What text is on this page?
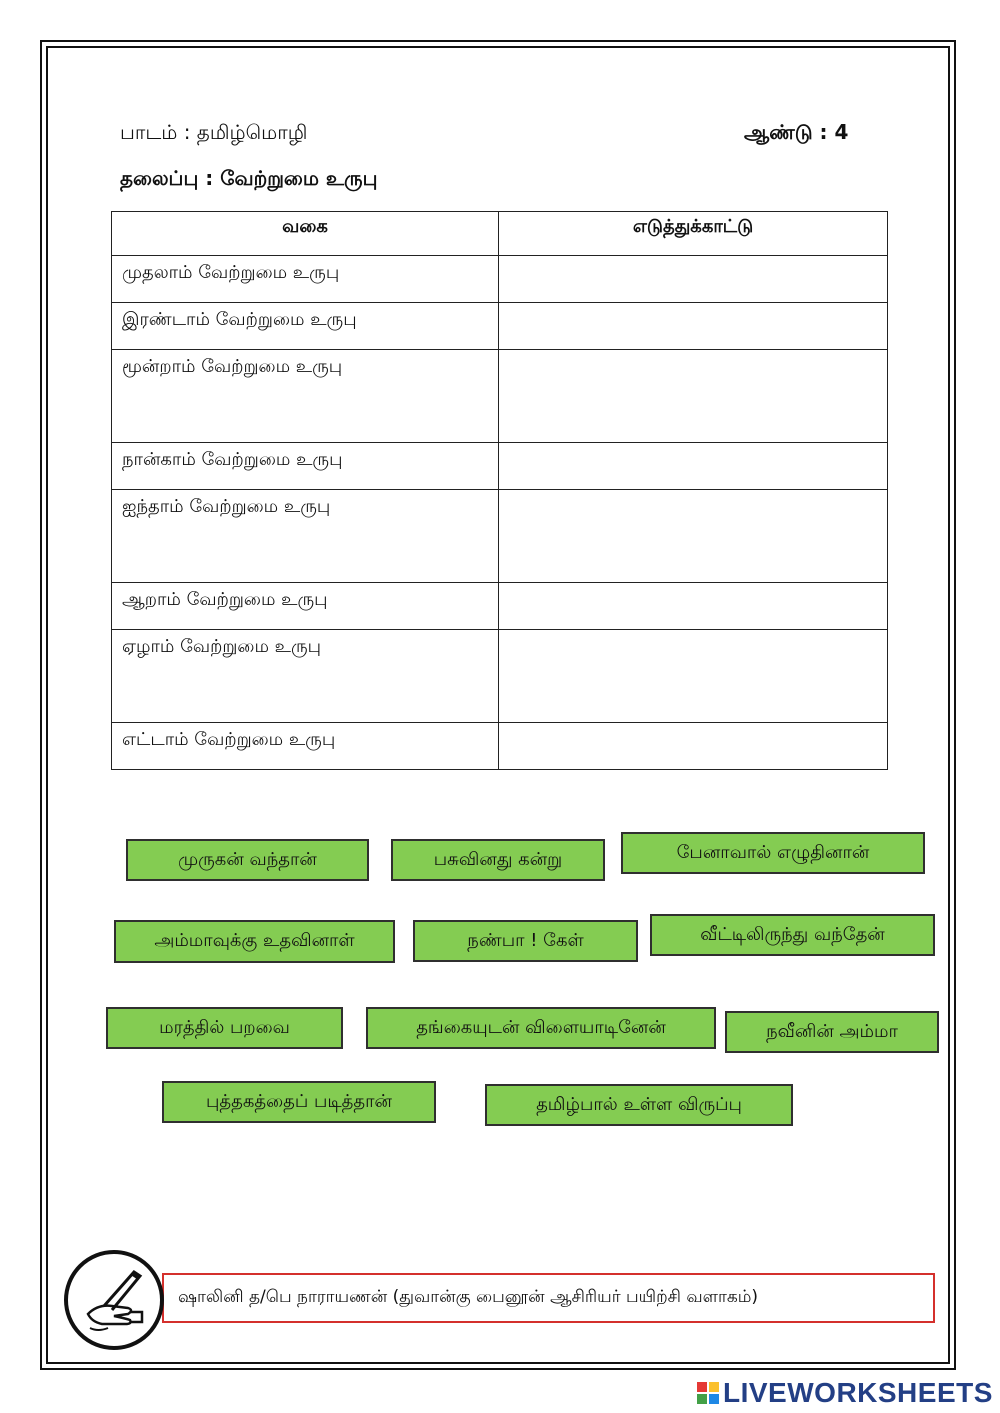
பாடம் : தமிழ்மொழி	ஆண்டு : 4
தலைப்பு : வேற்றுமை உருபு
வகை	எடுத்துக்காட்டு
முதலாம் வேற்றுமை உருபு	
இரண்டாம் வேற்றுமை உருபு	
மூன்றாம் வேற்றுமை உருபு	
நான்காம் வேற்றுமை உருபு	
ஐந்தாம் வேற்றுமை உருபு	
ஆறாம் வேற்றுமை உருபு	
ஏழாம் வேற்றுமை உருபு	
எட்டாம் வேற்றுமை உருபு	
முருகன் வந்தான்	பசுவினது கன்று	பேனாவால் எழுதினான்
அம்மாவுக்கு உதவினாள்	நண்பா ! கேள்	வீட்டிலிருந்து வந்தேன்
மரத்தில் பறவை	தங்கையுடன் விளையாடினேன்	நவீனின் அம்மா
புத்தகத்தைப் படித்தான்	தமிழ்பால் உள்ள விருப்பு
ஷாலினி த/பெ நாராயணன் (துவான்கு பைனூன் ஆசிரியர் பயிற்சி வளாகம்)
LIVEWORKSHEETS
